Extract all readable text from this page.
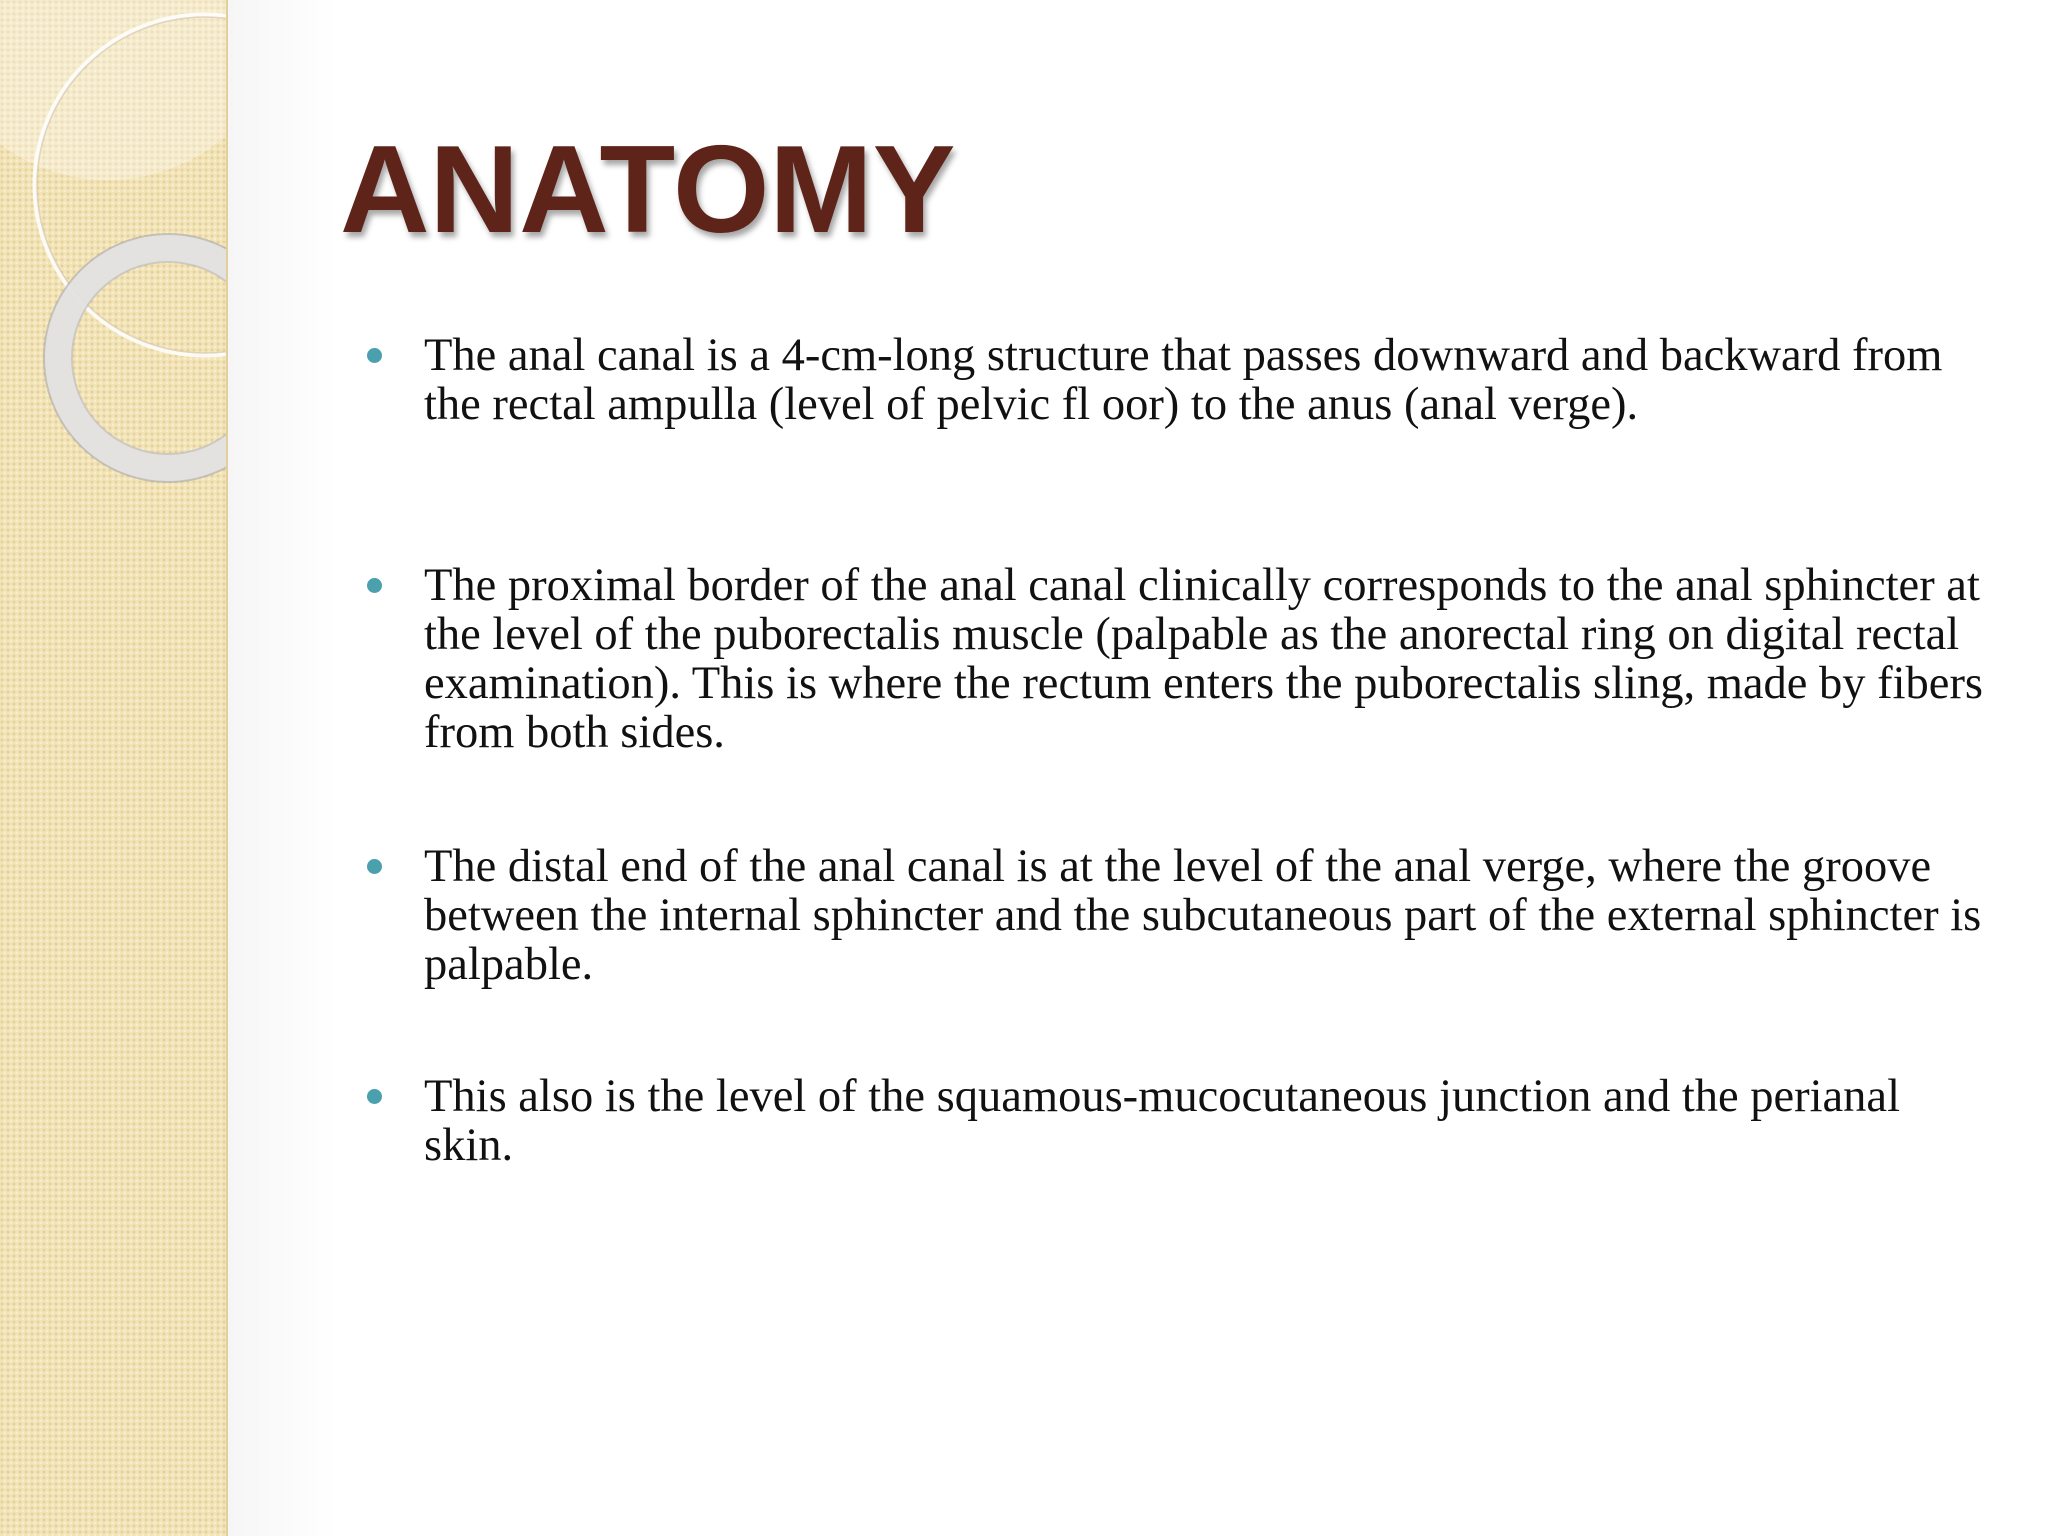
ANATOMY
The anal canal is a 4-cm-long structure that passes downward and backward from the rectal ampulla (level of pelvic fl oor) to the anus (anal verge).
The proximal border of the anal canal clinically corresponds to the anal sphincter at the level of the puborectalis muscle (palpable as the anorectal ring on digital rectal examination). This is where the rectum enters the puborectalis sling, made by fibers from both sides.
The distal end of the anal canal is at the level of the anal verge, where the groove between the internal sphincter and the subcutaneous part of the external sphincter is palpable.
This also is the level of the squamous-mucocutaneous junction and the perianal skin.
